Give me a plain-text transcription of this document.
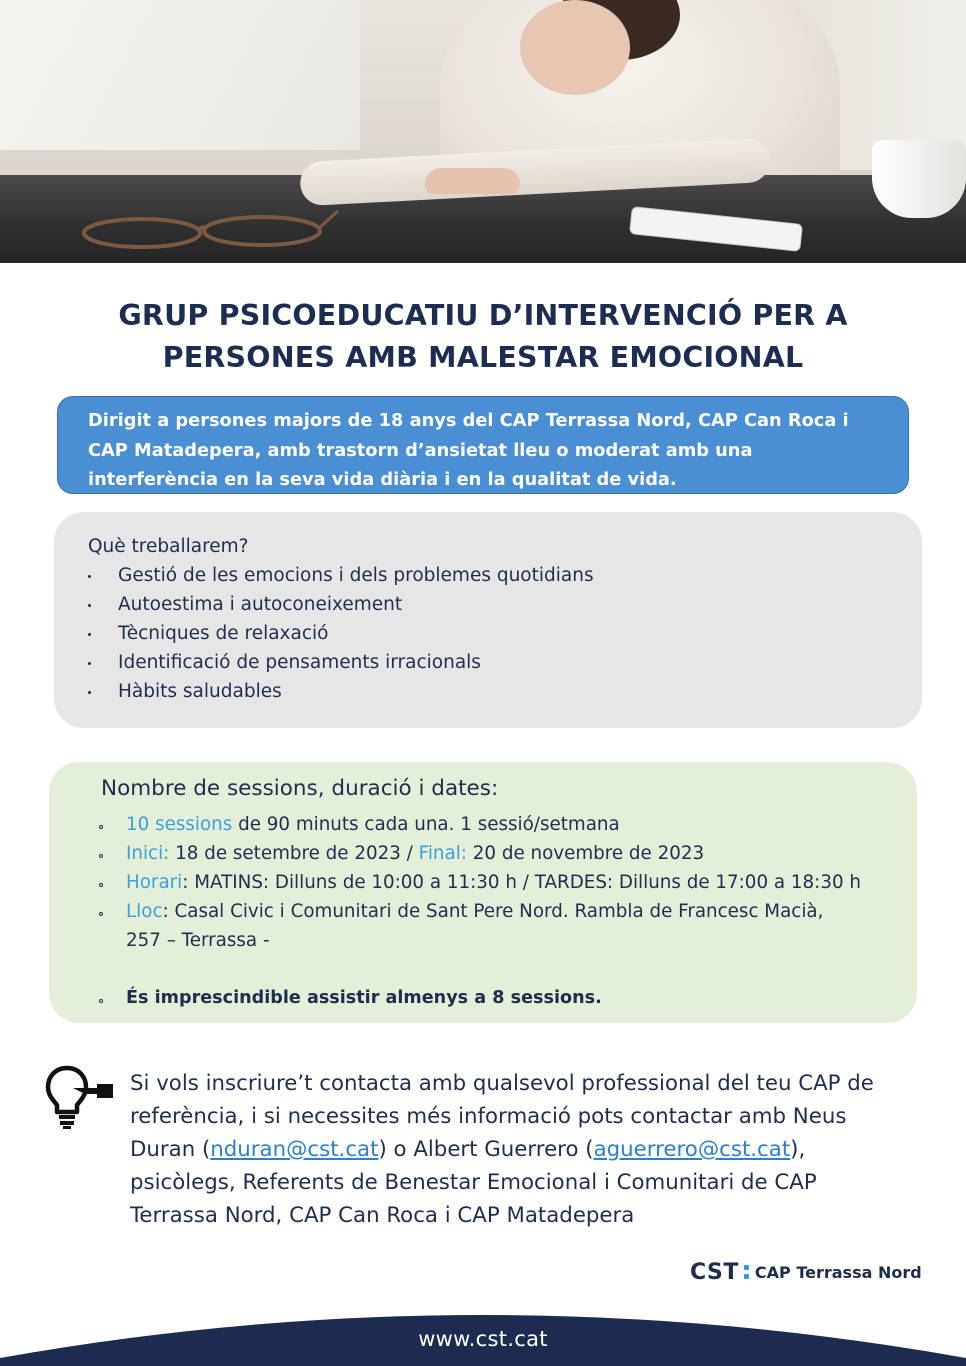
GRUP PSICOEDUCATIU D’INTERVENCIÓ PER A
PERSONES AMB MALESTAR EMOCIONAL
Dirigit a persones majors de 18 anys del CAP Terrassa Nord, CAP Can Roca i
CAP Matadepera, amb trastorn d’ansietat lleu o moderat amb una
interferència en la seva vida diària i en la qualitat de vida.
Què treballarem?
Gestió de les emocions i dels problemes quotidians
Autoestima i autoconeixement
Tècniques de relaxació
Identificació de pensaments irracionals
Hàbits saludables
Nombre de sessions, duració i dates:
10 sessions de 90 minuts cada una. 1 sessió/setmana
Inici: 18 de setembre de 2023 / Final: 20 de novembre de 2023
Horari: MATINS: Dilluns de 10:00 a 11:30 h / TARDES: Dilluns de 17:00 a 18:30 h
Lloc: Casal Civic i Comunitari de Sant Pere Nord. Rambla de Francesc Macià,
257 – Terrassa -
És imprescindible assistir almenys a 8 sessions.
Si vols inscriure’t contacta amb qualsevol professional del teu CAP de
referència, i si necessites més informació pots contactar amb Neus
Duran (nduran@cst.cat) o Albert Guerrero (aguerrero@cst.cat),
psicòlegs, Referents de Benestar Emocional i Comunitari de CAP
Terrassa Nord, CAP Can Roca i CAP Matadepera
CST CAP Terrassa Nord
www.cst.cat
